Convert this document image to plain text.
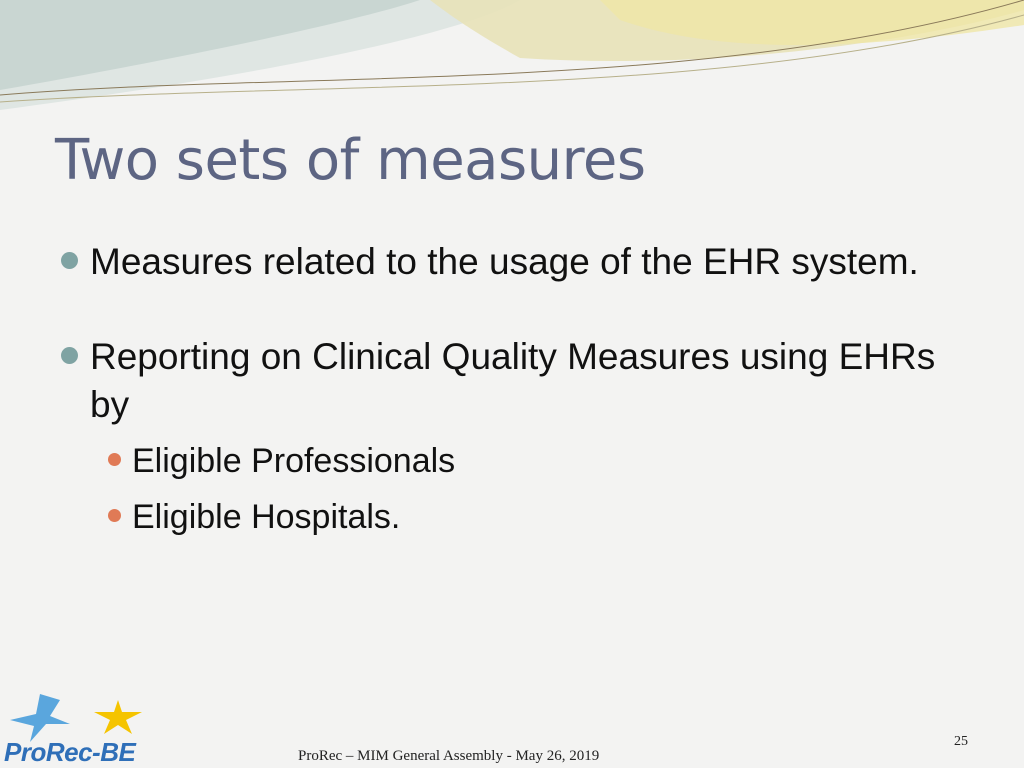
Two sets of measures
Measures related to the usage of the EHR system.
Reporting on Clinical Quality Measures using EHRs by
Eligible Professionals
Eligible Hospitals.
ProRec-BE	ProRec – MIM General Assembly - May 26, 2019
25
